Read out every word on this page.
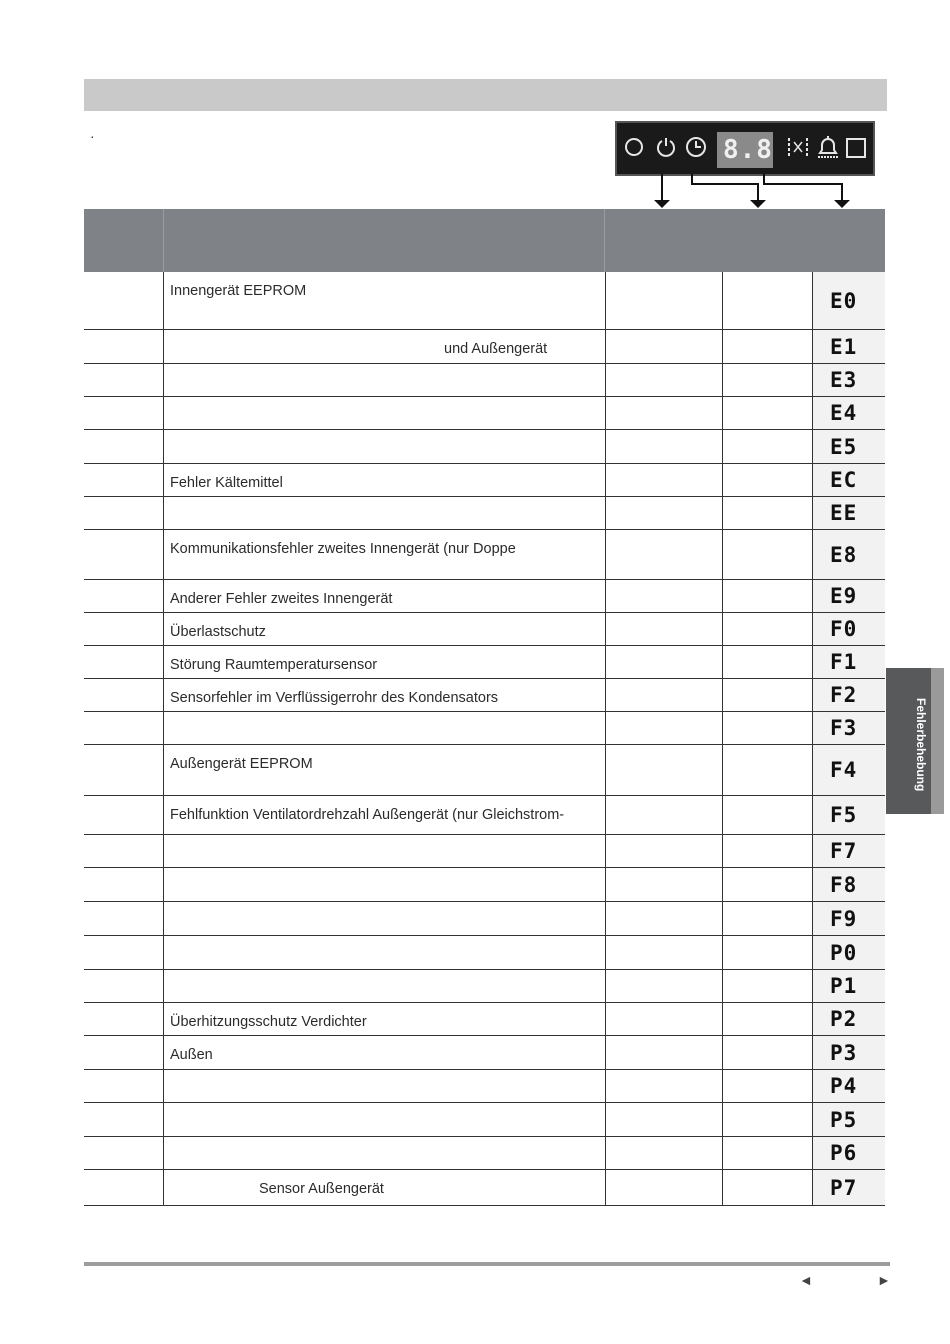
·	8.8
Innengerät EEPROM	E0
und Außengerät	E1
E3
E4
E5
Fehler Kältemittel	EC
EE
Kommunikationsfehler zweites Innengerät (nur Doppe	E8
Anderer Fehler zweites Innengerät	E9
Überlastschutz	F0
Störung Raumtemperatursensor	F1
Sensorfehler im Verflüssigerrohr des Kondensators	F2
F3
Außengerät EEPROM	F4
Fehlfunktion Ventilatordrehzahl Außengerät (nur Gleichstrom-	F5
F7
F8
F9
P0
P1
Überhitzungsschutz Verdichter	P2
Außen	P3
P4
P5
P6
Sensor Außengerät	P7
Fehlerbehebung
◄	►
